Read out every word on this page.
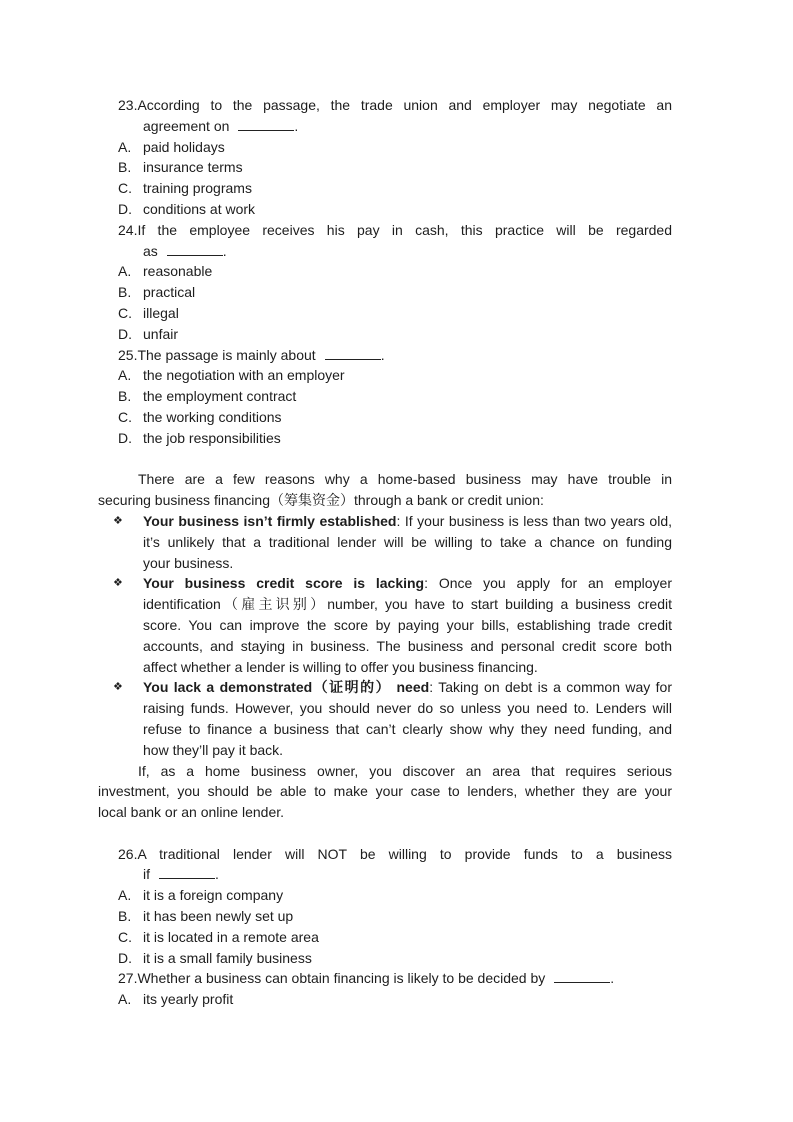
23.According to the passage, the trade union and employer may negotiate an
agreement on	.
A. paid holidays
B. insurance terms
C. training programs
D. conditions at work
24.If the employee receives his pay in cash, this practice will be regarded
as	.
A. reasonable
B. practical
C. illegal
D. unfair
25.The passage is mainly about	.
A. the negotiation with an employer
B. the employment contract
C. the working conditions
D. the job responsibilities
There are a few reasons why a home-based business may have trouble in
securing business financing（筹集资金）through a bank or credit union:
❖	Your business isn’t firmly established: If your business is less than two years old,
it’s unlikely that a traditional lender will be willing to take a chance on funding
your business.
❖	Your business credit score is lacking: Once you apply for an employer
identification（雇主识别）number, you have to start building a business credit
score. You can improve the score by paying your bills, establishing trade credit
accounts, and staying in business. The business and personal credit score both
affect whether a lender is willing to offer you business financing.
❖	You lack a demonstrated（证明的） need: Taking on debt is a common way for
raising funds. However, you should never do so unless you need to. Lenders will
refuse to finance a business that can’t clearly show why they need funding, and
how they’ll pay it back.
If, as a home business owner, you discover an area that requires serious
investment, you should be able to make your case to lenders, whether they are your
local bank or an online lender.
26.A traditional lender will NOT be willing to provide funds to a business
if	.
A. it is a foreign company
B. it has been newly set up
C. it is located in a remote area
D. it is a small family business
27.Whether a business can obtain financing is likely to be decided by	.
A. its yearly profit
